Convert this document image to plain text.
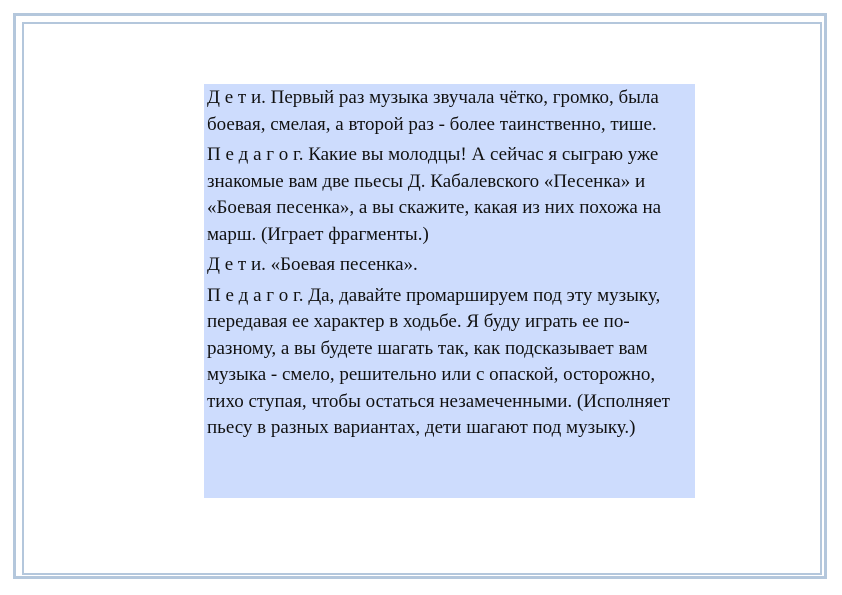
Д е т и. Первый раз музыка звучала чётко, громко, была боевая, смелая, а второй раз - более таинственно, тише.

П е д а г о г. Какие вы молодцы! А сейчас я сыграю уже знакомые вам две пьесы Д. Кабалевского «Песенка» и «Боевая песенка», а вы скажите, какая из них похожа на марш. (Играет фрагменты.)

Д е т и. «Боевая песенка».

П е д а г о г. Да, давайте промаршируем под эту музыку, передавая ее характер в ходьбе. Я буду играть ее по-разному, а вы будете шагать так, как подсказывает вам музыка - смело, решительно или с опаской, осторожно, тихо ступая, чтобы остаться незамеченными. (Исполняет пьесу в разных вариантах, дети шагают под музыку.)
